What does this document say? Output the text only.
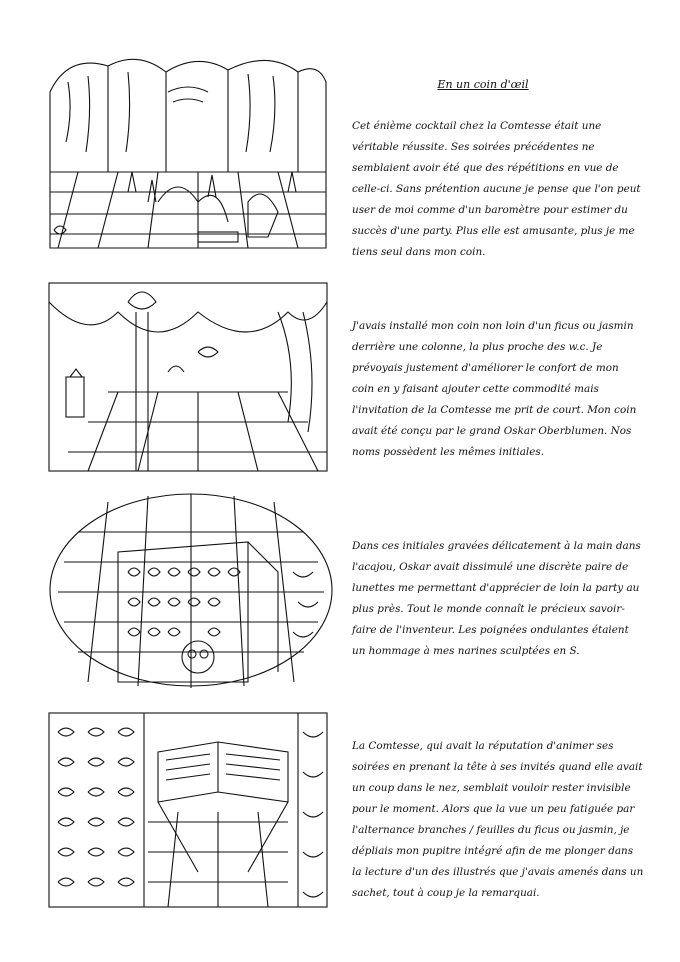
En un coin d'œil
Cet énième cocktail chez la Comtesse était une véritable réussite. Ses soirées précédentes ne semblaient avoir été que des répétitions en vue de celle-ci. Sans prétention aucune je pense que l'on peut user de moi comme d'un baromètre pour estimer du succès d'une party. Plus elle est amusante, plus je me tiens seul dans mon coin.
J'avais installé mon coin non loin d'un ficus ou jasmin derrière une colonne, la plus proche des w.c. Je prévoyais justement d'améliorer le confort de mon coin en y faisant ajouter cette commodité mais l'invitation de la Comtesse me prit de court. Mon coin avait été conçu par le grand Oskar Oberblumen. Nos noms possèdent les mêmes initiales.
Dans ces initiales gravées délicatement à la main dans l'acajou, Oskar avait dissimulé une discrète paire de lunettes me permettant d'apprécier de loin la party au plus près. Tout le monde connaît le précieux savoir-faire de l'inventeur. Les poignées ondulantes étaient un hommage à mes narines sculptées en S.
La Comtesse, qui avait la réputation d'animer ses soirées en prenant la tête à ses invités quand elle avait un coup dans le nez, semblait vouloir rester invisible pour le moment. Alors que la vue un peu fatiguée par l'alternance branches / feuilles du ficus ou jasmin, je dépliais mon pupitre intégré afin de me plonger dans la lecture d'un des illustrés que j'avais amenés dans un sachet, tout à coup je la remarquai.
